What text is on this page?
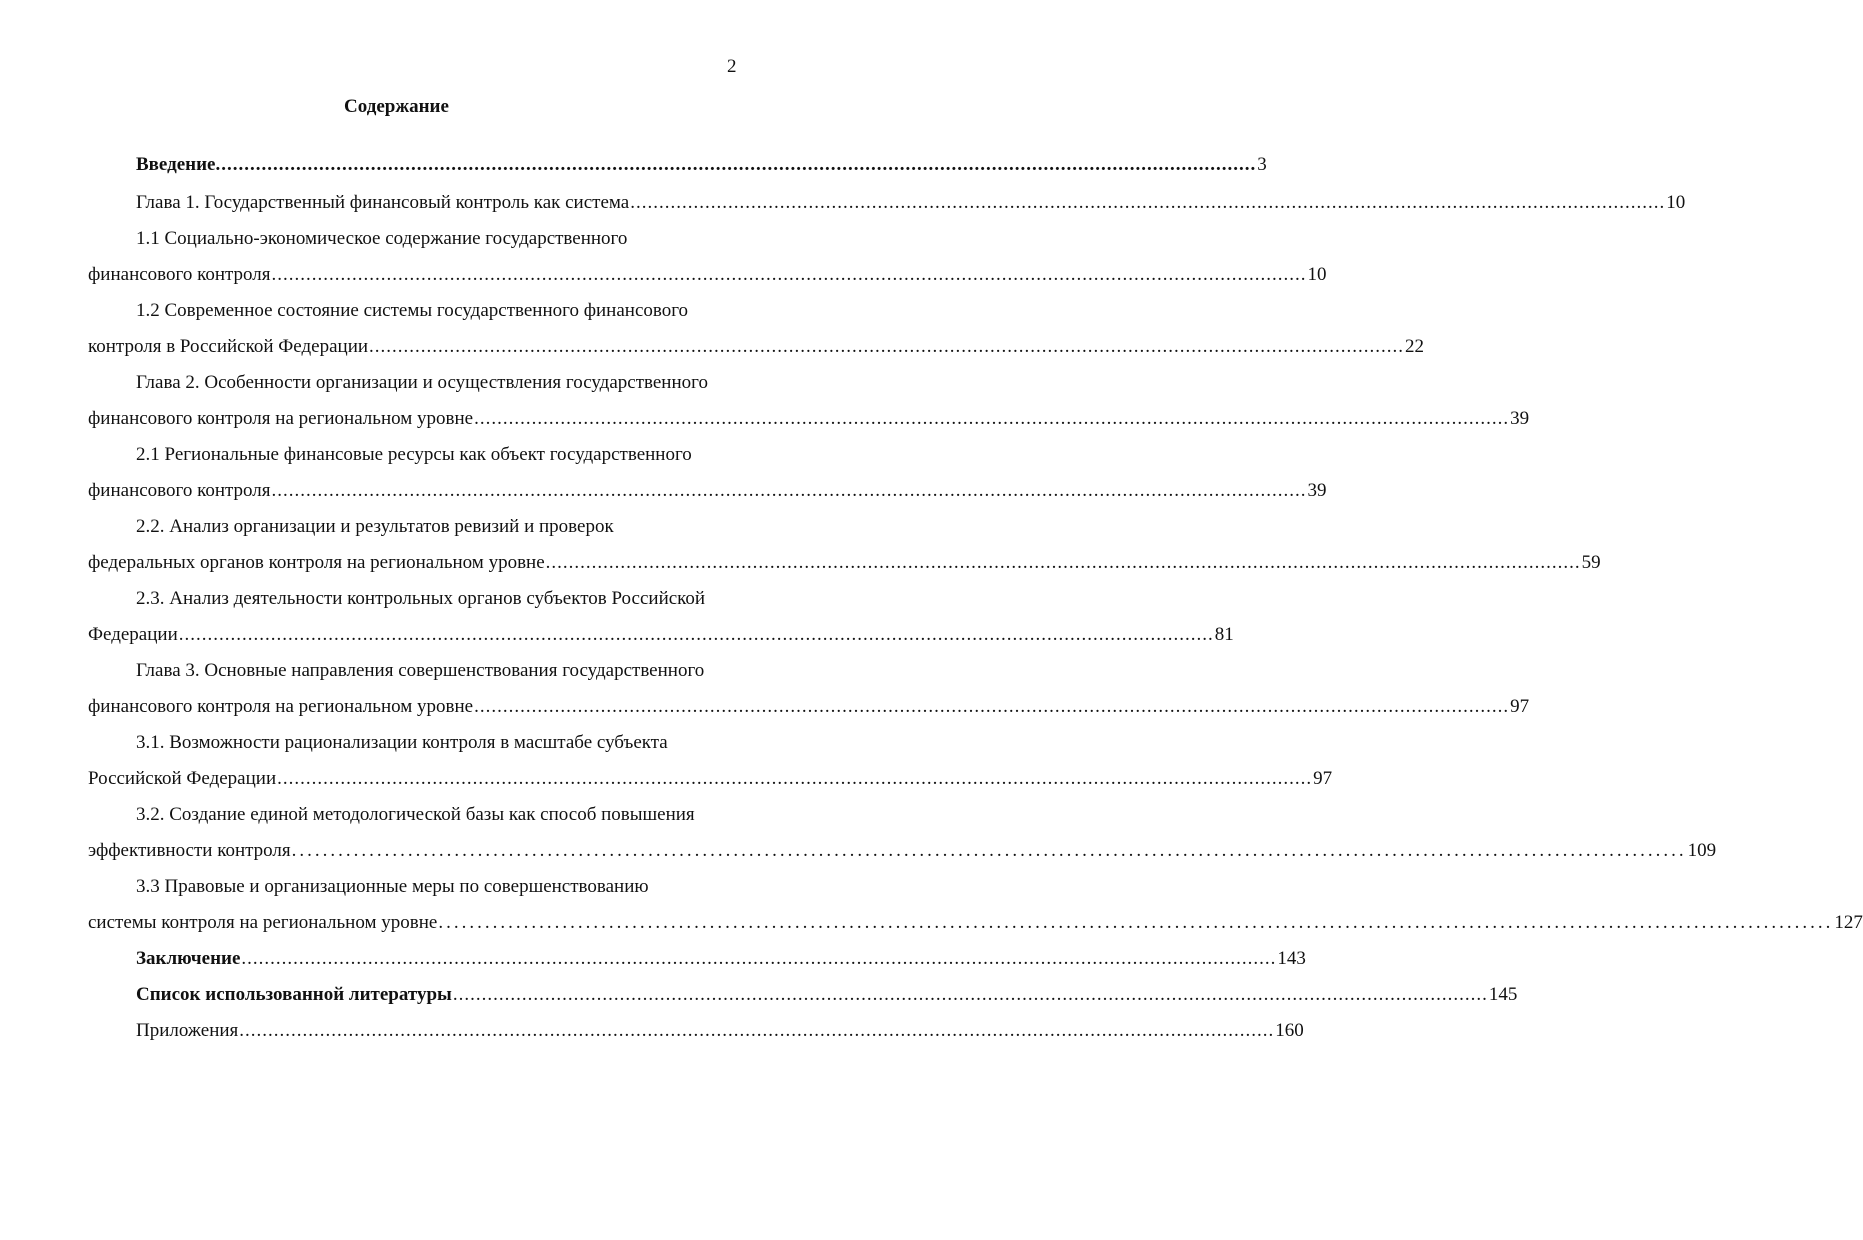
2
Содержание
Введение. .................................................................................................................................................................................... 3
Глава 1. Государственный финансовый контроль как система .................................................................................................................................................................................... 10
1.1 Социально-экономическое содержание государственного
финансового контроля .................................................................................................................................................................................... 10
1.2 Современное состояние системы государственного финансового
контроля в Российской Федерации .................................................................................................................................................................................... 22
Глава 2. Особенности организации и осуществления государственного
финансового контроля на региональном уровне .................................................................................................................................................................................... 39
2.1 Региональные финансовые ресурсы как объект государственного
финансового контроля .................................................................................................................................................................................... 39
2.2. Анализ организации и результатов ревизий и проверок
федеральных органов контроля на региональном уровне .................................................................................................................................................................................... 59
2.3. Анализ деятельности контрольных органов субъектов Российской
Федерации .................................................................................................................................................................................... 81
Глава 3. Основные направления совершенствования государственного
финансового контроля на региональном уровне .................................................................................................................................................................................... 97
3.1. Возможности рационализации контроля в масштабе субъекта
Российской Федерации .................................................................................................................................................................................... 97
3.2. Создание единой методологической базы как способ повышения
эффективности контроля .................................................................................................................................................................................... 109
3.3 Правовые и организационные меры по совершенствованию
системы контроля на региональном уровне .................................................................................................................................................................................... 127
Заключение .................................................................................................................................................................................... 143
Список использованной литературы .................................................................................................................................................................................... 145
Приложения .................................................................................................................................................................................... 160
